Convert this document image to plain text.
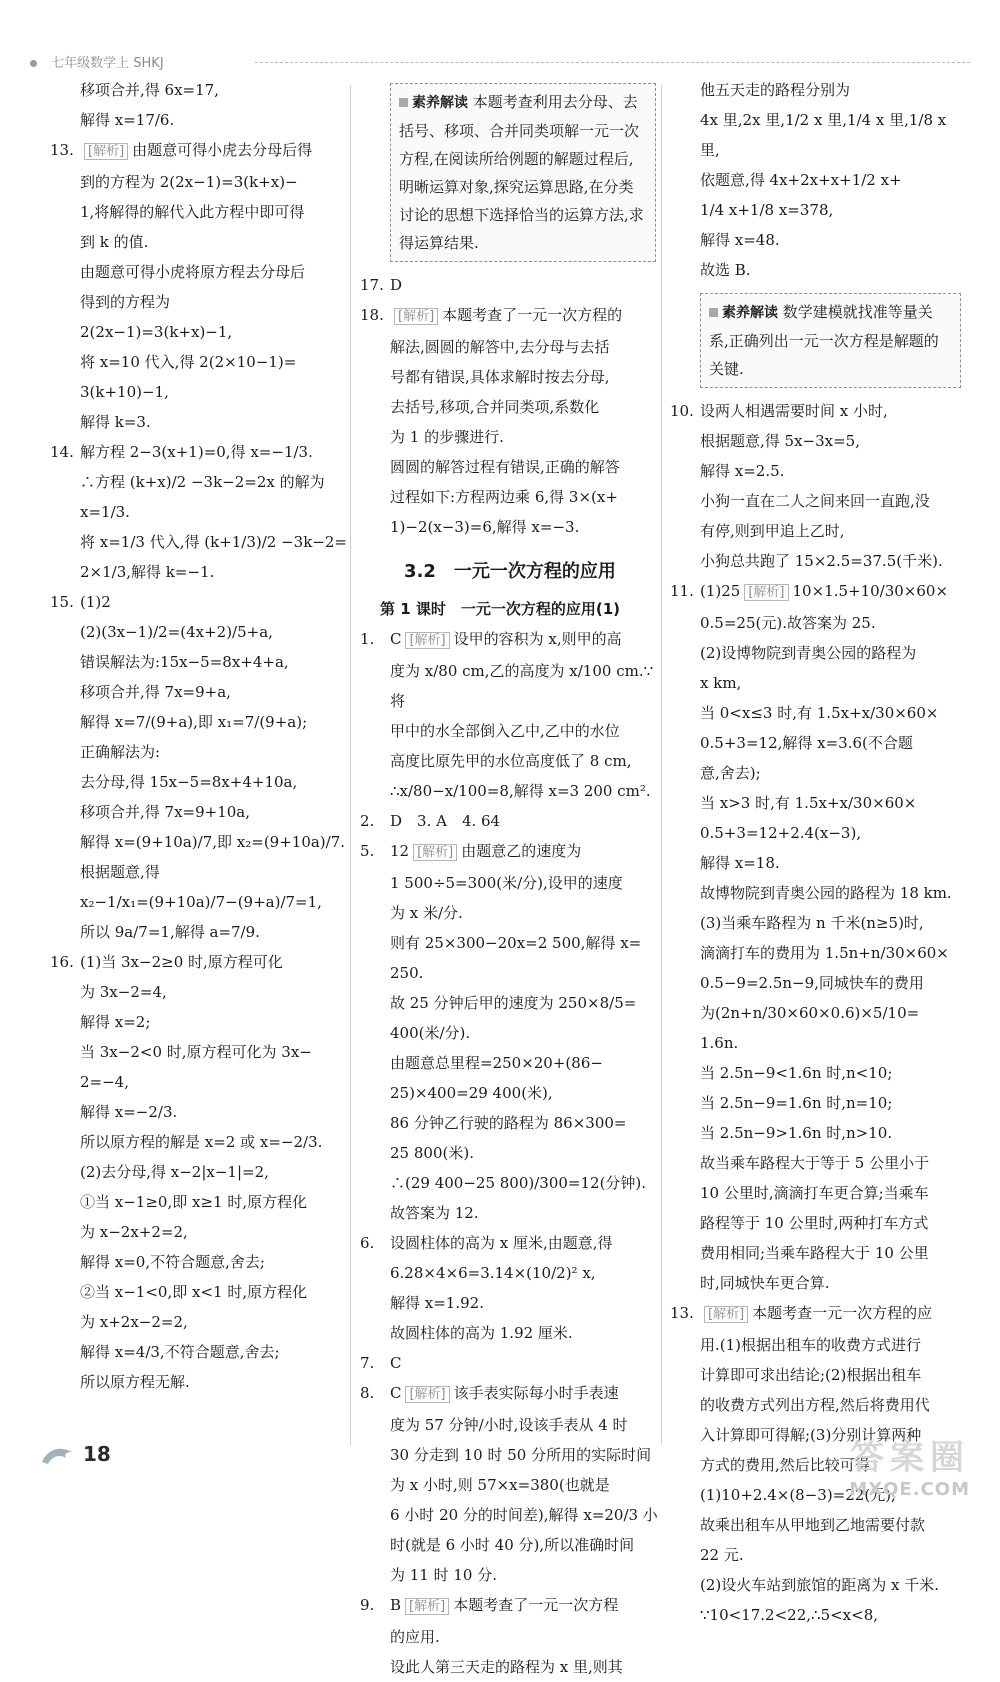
七年级数学上 SHKJ
移项合并,得 6x=17,
解得 x=17/6.
13. [解析] 由题意可得小虎去分母后得
到的方程为 2(2x−1)=3(k+x)−
1,将解得的解代入此方程中即可得
到 k 的值.
由题意可得小虎将原方程去分母后
得到的方程为
2(2x−1)=3(k+x)−1,
将 x=10 代入,得 2(2×10−1)=
3(k+10)−1,
解得 k=3.
14. 解方程 2−3(x+1)=0,得 x=−1/3.
∴方程 (k+x)/2 −3k−2=2x 的解为
x=1/3.
将 x=1/3 代入,得 (k+1/3)/2 −3k−2=
2×1/3,解得 k=−1.
15. (1)2
(2)(3x−1)/2=(4x+2)/5+a,
错误解法为:15x−5=8x+4+a,
移项合并,得 7x=9+a,
解得 x=7/(9+a),即 x₁=7/(9+a);
正确解法为:
去分母,得 15x−5=8x+4+10a,
移项合并,得 7x=9+10a,
解得 x=(9+10a)/7,即 x₂=(9+10a)/7.
根据题意,得
x₂−1/x₁=(9+10a)/7−(9+a)/7=1,
所以 9a/7=1,解得 a=7/9.
16. (1)当 3x−2≥0 时,原方程可化
为 3x−2=4,
解得 x=2;
当 3x−2<0 时,原方程可化为 3x−
2=−4,
解得 x=−2/3.
所以原方程的解是 x=2 或 x=−2/3.
(2)去分母,得 x−2|x−1|=2,
①当 x−1≥0,即 x≥1 时,原方程化
为 x−2x+2=2,
解得 x=0,不符合题意,舍去;
②当 x−1<0,即 x<1 时,原方程化
为 x+2x−2=2,
解得 x=4/3,不符合题意,舍去;
所以原方程无解.
素养解读 本题考查利用去分母、去括号、移项、合并同类项解一元一次方程,在阅读所给例题的解题过程后,明晰运算对象,探究运算思路,在分类讨论的思想下选择恰当的运算方法,求得运算结果.
17. D
18. [解析] 本题考查了一元一次方程的
解法,圆圆的解答中,去分母与去括
号都有错误,具体求解时按去分母,
去括号,移项,合并同类项,系数化
为 1 的步骤进行.
圆圆的解答过程有错误,正确的解答
过程如下:方程两边乘 6,得 3×(x+
1)−2(x−3)=6,解得 x=−3.
3.2　一元一次方程的应用
第 1 课时　一元一次方程的应用(1)
1. C [解析] 设甲的容积为 x,则甲的高
度为 x/80 cm,乙的高度为 x/100 cm.∵将
甲中的水全部倒入乙中,乙中的水位
高度比原先甲的水位高度低了 8 cm,
∴x/80−x/100=8,解得 x=3 200 cm².
2. D　3. A　4. 64
5. 12 [解析] 由题意乙的速度为
1 500÷5=300(米/分),设甲的速度
为 x 米/分.
则有 25×300−20x=2 500,解得 x=
250.
故 25 分钟后甲的速度为 250×8/5=
400(米/分).
由题意总里程=250×20+(86−
25)×400=29 400(米),
86 分钟乙行驶的路程为 86×300=
25 800(米).
∴(29 400−25 800)/300=12(分钟).
故答案为 12.
6. 设圆柱体的高为 x 厘米,由题意,得
6.28×4×6=3.14×(10/2)² x,
解得 x=1.92.
故圆柱体的高为 1.92 厘米.
7. C
8. C [解析] 该手表实际每小时手表速
度为 57 分钟/小时,设该手表从 4 时
30 分走到 10 时 50 分所用的实际时间
为 x 小时,则 57×x=380(也就是
6 小时 20 分的时间差),解得 x=20/3 小
时(就是 6 小时 40 分),所以准确时间
为 11 时 10 分.
9. B [解析] 本题考查了一元一次方程
的应用.
设此人第三天走的路程为 x 里,则其
他五天走的路程分别为
4x 里,2x 里,1/2 x 里,1/4 x 里,1/8 x 里,
依题意,得 4x+2x+x+1/2 x+
1/4 x+1/8 x=378,
解得 x=48.
故选 B.
素养解读 数学建模就找准等量关系,正确列出一元一次方程是解题的关键.
10. 设两人相遇需要时间 x 小时,
根据题意,得 5x−3x=5,
解得 x=2.5.
小狗一直在二人之间来回一直跑,没
有停,则到甲追上乙时,
小狗总共跑了 15×2.5=37.5(千米).
11. (1)25 [解析] 10×1.5+10/30×60×
0.5=25(元).故答案为 25.
(2)设博物院到青奥公园的路程为
x km,
当 0<x≤3 时,有 1.5x+x/30×60×
0.5+3=12,解得 x=3.6(不合题
意,舍去);
当 x>3 时,有 1.5x+x/30×60×
0.5+3=12+2.4(x−3),
解得 x=18.
故博物院到青奥公园的路程为 18 km.
(3)当乘车路程为 n 千米(n≥5)时,
滴滴打车的费用为 1.5n+n/30×60×
0.5−9=2.5n−9,同城快车的费用
为(2n+n/30×60×0.6)×5/10=
1.6n.
当 2.5n−9<1.6n 时,n<10;
当 2.5n−9=1.6n 时,n=10;
当 2.5n−9>1.6n 时,n>10.
故当乘车路程大于等于 5 公里小于
10 公里时,滴滴打车更合算;当乘车
路程等于 10 公里时,两种打车方式
费用相同;当乘车路程大于 10 公里
时,同城快车更合算.
13. [解析] 本题考查一元一次方程的应
用.(1)根据出租车的收费方式进行
计算即可求出结论;(2)根据出租车
的收费方式列出方程,然后将费用代
入计算即可得解;(3)分别计算两种
方式的费用,然后比较可得.
(1)10+2.4×(8−3)=22(元),
故乘出租车从甲地到乙地需要付款
22 元.
(2)设火车站到旅馆的距离为 x 千米.
∵10<17.2<22,∴5<x<8,
18	答案圈
MXQE.COM
